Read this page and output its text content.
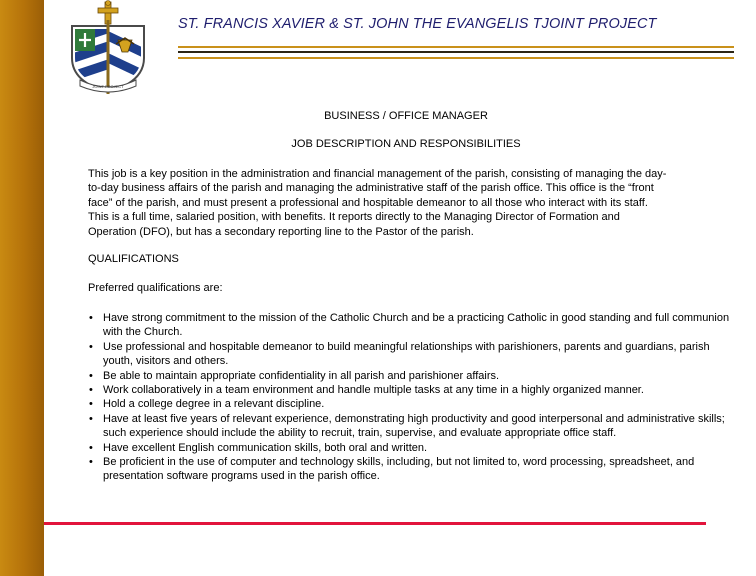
JOINT PROJECT
ST. FRANCIS XAVIER & ST. JOHN THE EVANGELIS TJOINT PROJECT
BUSINESS / OFFICE MANAGER
JOB DESCRIPTION AND RESPONSIBILITIES
This job is a key position in the administration and financial management of the parish, consisting of managing the day-
to-day business affairs of the parish and managing the administrative staff of the parish office. This office is the “front
face” of the parish, and must present a professional and hospitable demeanor to all those who interact with its staff.
This is a full time, salaried position, with benefits. It reports directly to the Managing Director of Formation and
Operation (DFO), but has a secondary reporting line to the Pastor of the parish.
QUALIFICATIONS
Preferred qualifications are:
• Have strong commitment to the mission of the Catholic Church and be a practicing Catholic in good standing and full communion with the Church.
• Use professional and hospitable demeanor to build meaningful relationships with parishioners, parents and guardians, parish youth, visitors and others.
• Be able to maintain appropriate confidentiality in all parish and parishioner affairs.
• Work collaboratively in a team environment and handle multiple tasks at any time in a highly organized manner.
• Hold a college degree in a relevant discipline.
• Have at least five years of relevant experience, demonstrating high productivity and good interpersonal and administrative skills; such experience should include the ability to recruit, train, supervise, and evaluate appropriate office staff.
• Have excellent English communication skills, both oral and written.
• Be proficient in the use of computer and technology skills, including, but not limited to, word processing, spreadsheet, and presentation software programs used in the parish office.
